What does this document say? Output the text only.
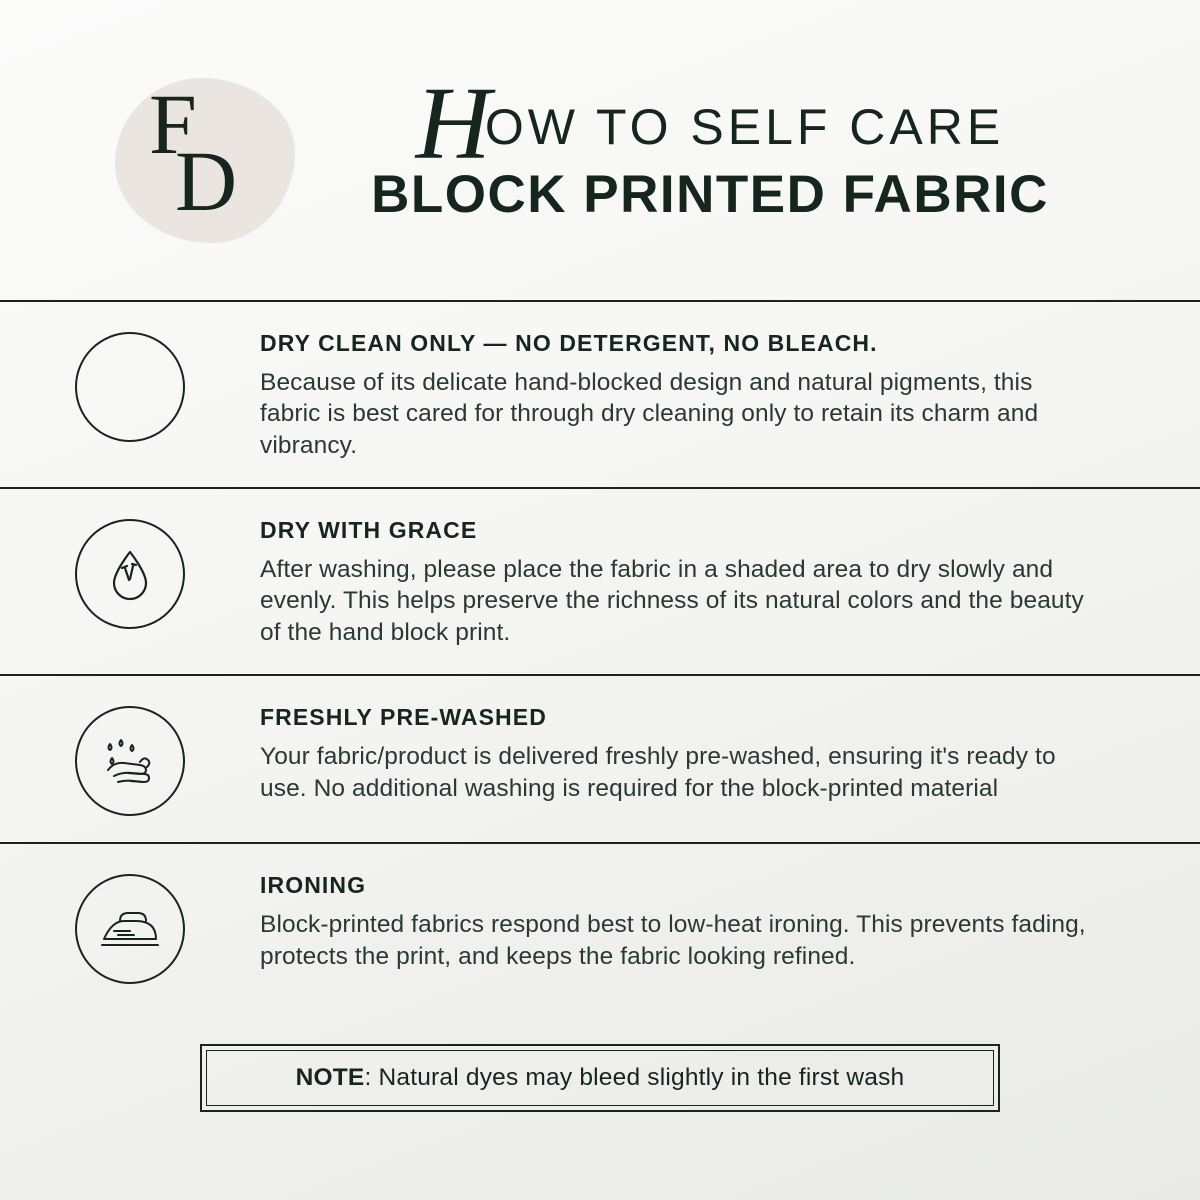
F
D	HOW TO SELF CARE
BLOCK PRINTED FABRIC
DRY CLEAN ONLY — NO DETERGENT, NO BLEACH.
Because of its delicate hand-blocked design and natural pigments, this fabric is best cared for through dry cleaning only to retain its charm and vibrancy.
DRY WITH GRACE
After washing, please place the fabric in a shaded area to dry slowly and evenly. This helps preserve the richness of its natural colors and the beauty of the hand block print.
FRESHLY PRE-WASHED
Your fabric/product is delivered freshly pre-washed, ensuring it's ready to use. No additional washing is required for the block-printed material
IRONING
Block-printed fabrics respond best to low-heat ironing. This prevents fading, protects the print, and keeps the fabric looking refined.
NOTE: Natural dyes may bleed slightly in the first wash
